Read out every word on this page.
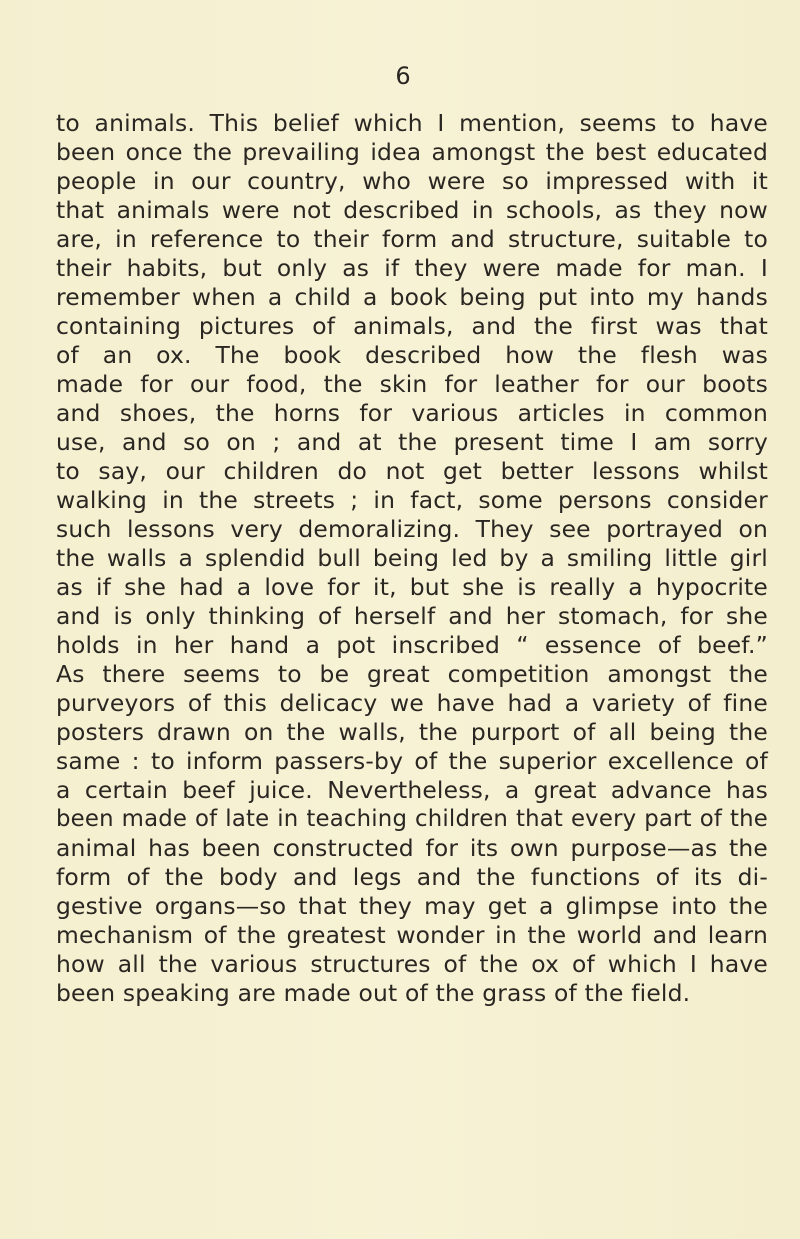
6
to animals. This belief which I mention, seems to have
been once the prevailing idea amongst the best educated
people in our country, who were so impressed with it
that animals were not described in schools, as they now
are, in reference to their form and structure, suitable to
their habits, but only as if they were made for man. I
remember when a child a book being put into my hands
containing pictures of animals, and the first was that
of an ox. The book described how the flesh was
made for our food, the skin for leather for our boots
and shoes, the horns for various articles in common
use, and so on ; and at the present time I am sorry
to say, our children do not get better lessons whilst
walking in the streets ; in fact, some persons consider
such lessons very demoralizing. They see portrayed on
the walls a splendid bull being led by a smiling little girl
as if she had a love for it, but she is really a hypocrite
and is only thinking of herself and her stomach, for she
holds in her hand a pot inscribed “ essence of beef.”
As there seems to be great competition amongst the
purveyors of this delicacy we have had a variety of fine
posters drawn on the walls, the purport of all being the
same : to inform passers-by of the superior excellence of
a certain beef juice. Nevertheless, a great advance has
been made of late in teaching children that every part of the
animal has been constructed for its own purpose—as the
form of the body and legs and the functions of its di-
gestive organs—so that they may get a glimpse into the
mechanism of the greatest wonder in the world and learn
how all the various structures of the ox of which I have
been speaking are made out of the grass of the field.
